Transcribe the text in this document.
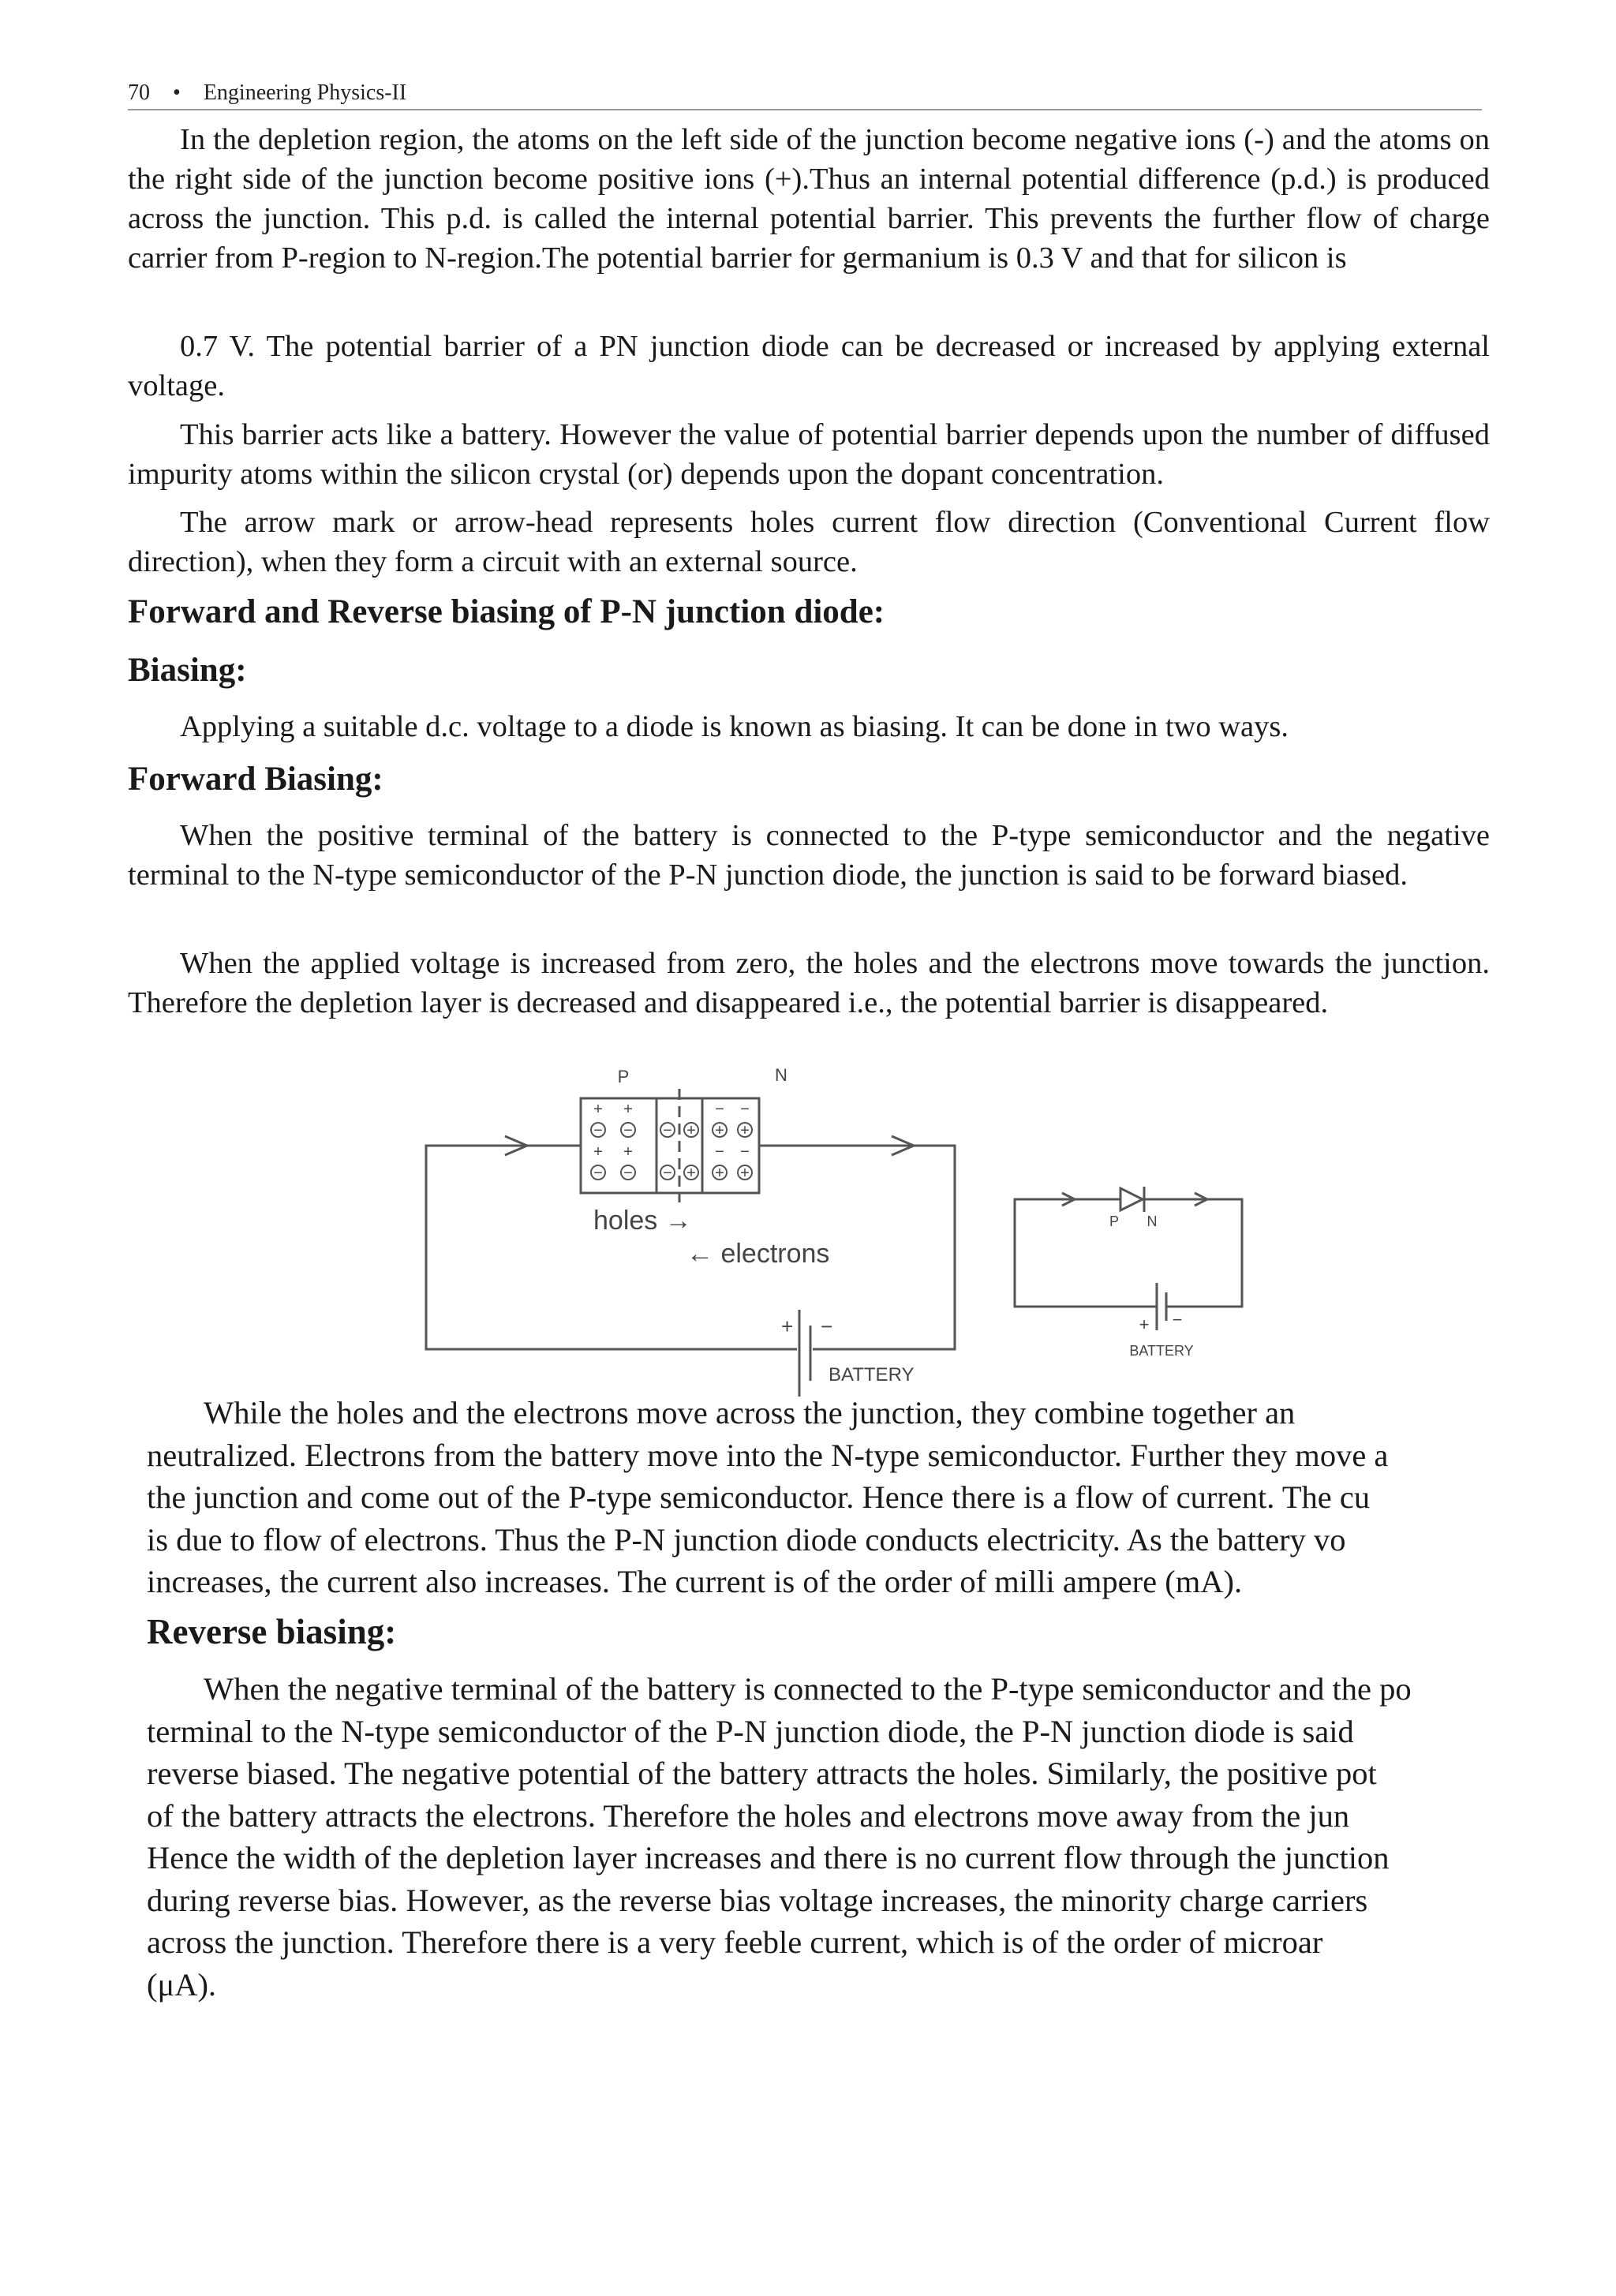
70 • Engineering Physics-II

In the depletion region, the atoms on the left side of the junction become negative ions (-) and the atoms on the right side of the junction become positive ions (+).Thus an internal potential difference (p.d.) is produced across the junction. This p.d. is called the internal potential barrier. This prevents the further flow of charge carrier from P-region to N-region.The potential barrier for germanium is 0.3 V and that for silicon is

0.7 V. The potential barrier of a PN junction diode can be decreased or increased by applying external voltage.

This barrier acts like a battery. However the value of potential barrier depends upon the number of diffused impurity atoms within the silicon crystal (or) depends upon the dopant concentration.

The arrow mark or arrow-head represents holes current flow direction (Conventional Current flow direction), when they form a circuit with an external source.

Forward and Reverse biasing of P-N junction diode:
Biasing:

Applying a suitable d.c. voltage to a diode is known as biasing. It can be done in two ways.

Forward Biasing:

When the positive terminal of the battery is connected to the P-type semiconductor and the negative terminal to the N-type semiconductor of the P-N junction diode, the junction is said to be forward biased.

When the applied voltage is increased from zero, the holes and the electrons move towards the junction. Therefore the depletion layer is decreased and disappeared i.e., the potential barrier is disappeared.

+ +
+ +
− −
− −
−
−
+
+
− −
− −
+ +
+ +
P	N
holes →
← electrons
+ −
BATTERY
P N
+ −
BATTERY

While the holes and the electrons move across the junction, they combine together an

neutralized. Electrons from the battery move into the N-type semiconductor. Further they move a

the junction and come out of the P-type semiconductor. Hence there is a flow of current. The cu

is due to flow of electrons. Thus the P-N junction diode conducts electricity. As the battery vo

increases, the current also increases. The current is of the order of milli ampere (mA).

Reverse biasing:

When the negative terminal of the battery is connected to the P-type semiconductor and the po

terminal to the N-type semiconductor of the P-N junction diode, the P-N junction diode is said

reverse biased. The negative potential of the battery attracts the holes. Similarly, the positive pot

of the battery attracts the electrons. Therefore the holes and electrons move away from the jun

Hence the width of the depletion layer increases and there is no current flow through the junction

during reverse bias. However, as the reverse bias voltage increases, the minority charge carriers

across the junction. Therefore there is a very feeble current, which is of the order of microar

(μA).
